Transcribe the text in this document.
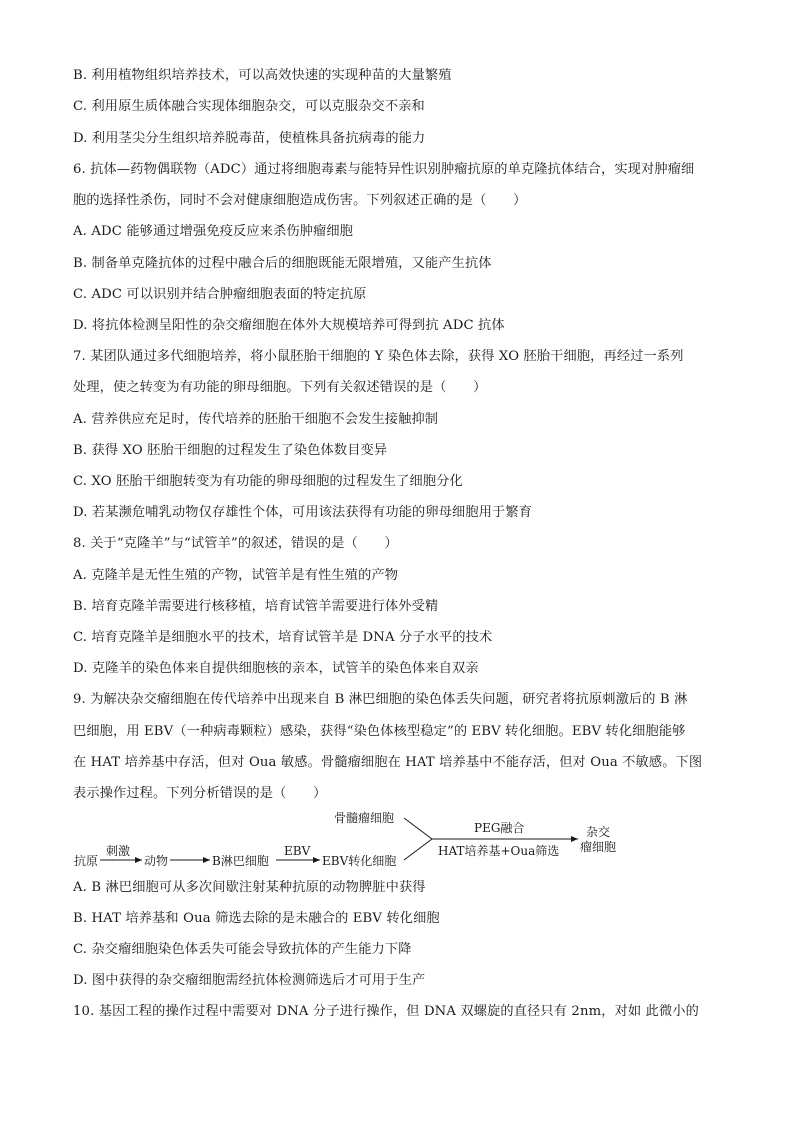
B. 利用植物组织培养技术，可以高效快速的实现种苗的大量繁殖
C. 利用原生质体融合实现体细胞杂交，可以克服杂交不亲和
D. 利用茎尖分生组织培养脱毒苗，使植株具备抗病毒的能力
6. 抗体—药物偶联物（ADC）通过将细胞毒素与能特异性识别肿瘤抗原的单克隆抗体结合，实现对肿瘤细
胞的选择性杀伤，同时不会对健康细胞造成伤害。下列叙述正确的是（　　）
A. ADC 能够通过增强免疫反应来杀伤肿瘤细胞
B. 制备单克隆抗体的过程中融合后的细胞既能无限增殖，又能产生抗体
C. ADC 可以识别并结合肿瘤细胞表面的特定抗原
D. 将抗体检测呈阳性的杂交瘤细胞在体外大规模培养可得到抗 ADC 抗体
7. 某团队通过多代细胞培养，将小鼠胚胎干细胞的 Y 染色体去除，获得 XO 胚胎干细胞，再经过一系列
处理，使之转变为有功能的卵母细胞。下列有关叙述错误的是（　　）
A. 营养供应充足时，传代培养的胚胎干细胞不会发生接触抑制
B. 获得 XO 胚胎干细胞的过程发生了染色体数目变异
C. XO 胚胎干细胞转变为有功能的卵母细胞的过程发生了细胞分化
D. 若某濒危哺乳动物仅存雄性个体，可用该法获得有功能的卵母细胞用于繁育
8. 关于“克隆羊”与“试管羊”的叙述，错误的是（　　）
A. 克隆羊是无性生殖的产物，试管羊是有性生殖的产物
B. 培育克隆羊需要进行核移植，培育试管羊需要进行体外受精
C. 培育克隆羊是细胞水平的技术，培育试管羊是 DNA 分子水平的技术
D. 克隆羊的染色体来自提供细胞核的亲本，试管羊的染色体来自双亲
9. 为解决杂交瘤细胞在传代培养中出现来自 B 淋巴细胞的染色体丢失问题，研究者将抗原刺激后的 B 淋
巴细胞，用 EBV（一种病毒颗粒）感染，获得“染色体核型稳定”的 EBV 转化细胞。EBV 转化细胞能够
在 HAT 培养基中存活，但对 Oua 敏感。骨髓瘤细胞在 HAT 培养基中不能存活，但对 Oua 不敏感。下图
表示操作过程。下列分析错误的是（　　）
骨髓瘤细胞
抗原
刺激
动物	B淋巴细胞
EBV
EBV转化细胞
PEG融合
HAT培养基+Oua筛选
杂交
瘤细胞
A. B 淋巴细胞可从多次间歇注射某种抗原的动物脾脏中获得
B. HAT 培养基和 Oua 筛选去除的是未融合的 EBV 转化细胞
C. 杂交瘤细胞染色体丢失可能会导致抗体的产生能力下降
D. 图中获得的杂交瘤细胞需经抗体检测筛选后才可用于生产
10. 基因工程的操作过程中需要对 DNA 分子进行操作，但 DNA 双螺旋的直径只有 2nm，对如 此微小的
